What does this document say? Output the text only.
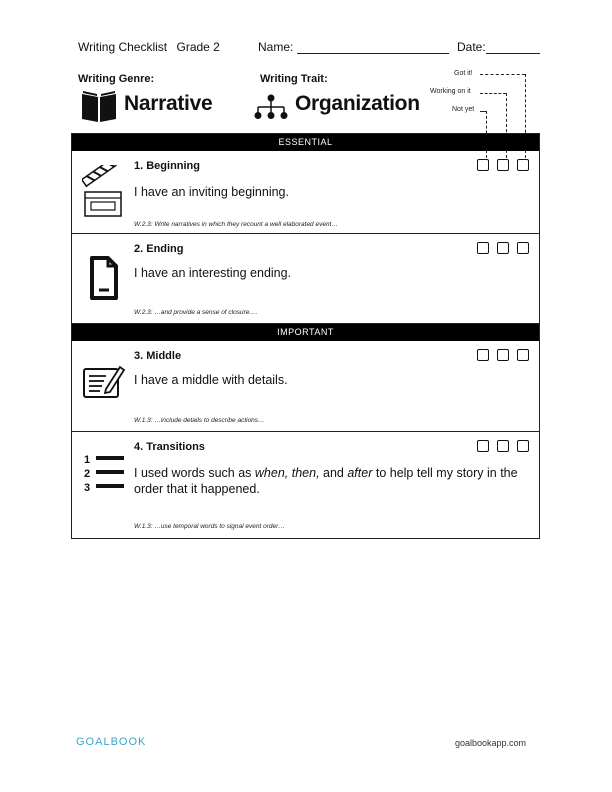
Writing Checklist Grade 2	Name:	Date:
Writing Genre:
Narrative
Writing Trait:
Organization
Got it!
Working on it
Not yet
ESSENTIAL
1. Beginning
I have an inviting beginning.
W.2.3: Write narratives in which they recount a well elaborated event…
2. Ending
I have an interesting ending.
W.2.3: …and provide a sense of closure.…
IMPORTANT
3. Middle
I have a middle with details.
W.1.3: …include details to describe actions…
1
2
3
4. Transitions
I used words such as when, then, and after to help tell my story in the order that it happened.
W.1.3: …use temporal words to signal event order…
GOALBOOK	goalbookapp.com
